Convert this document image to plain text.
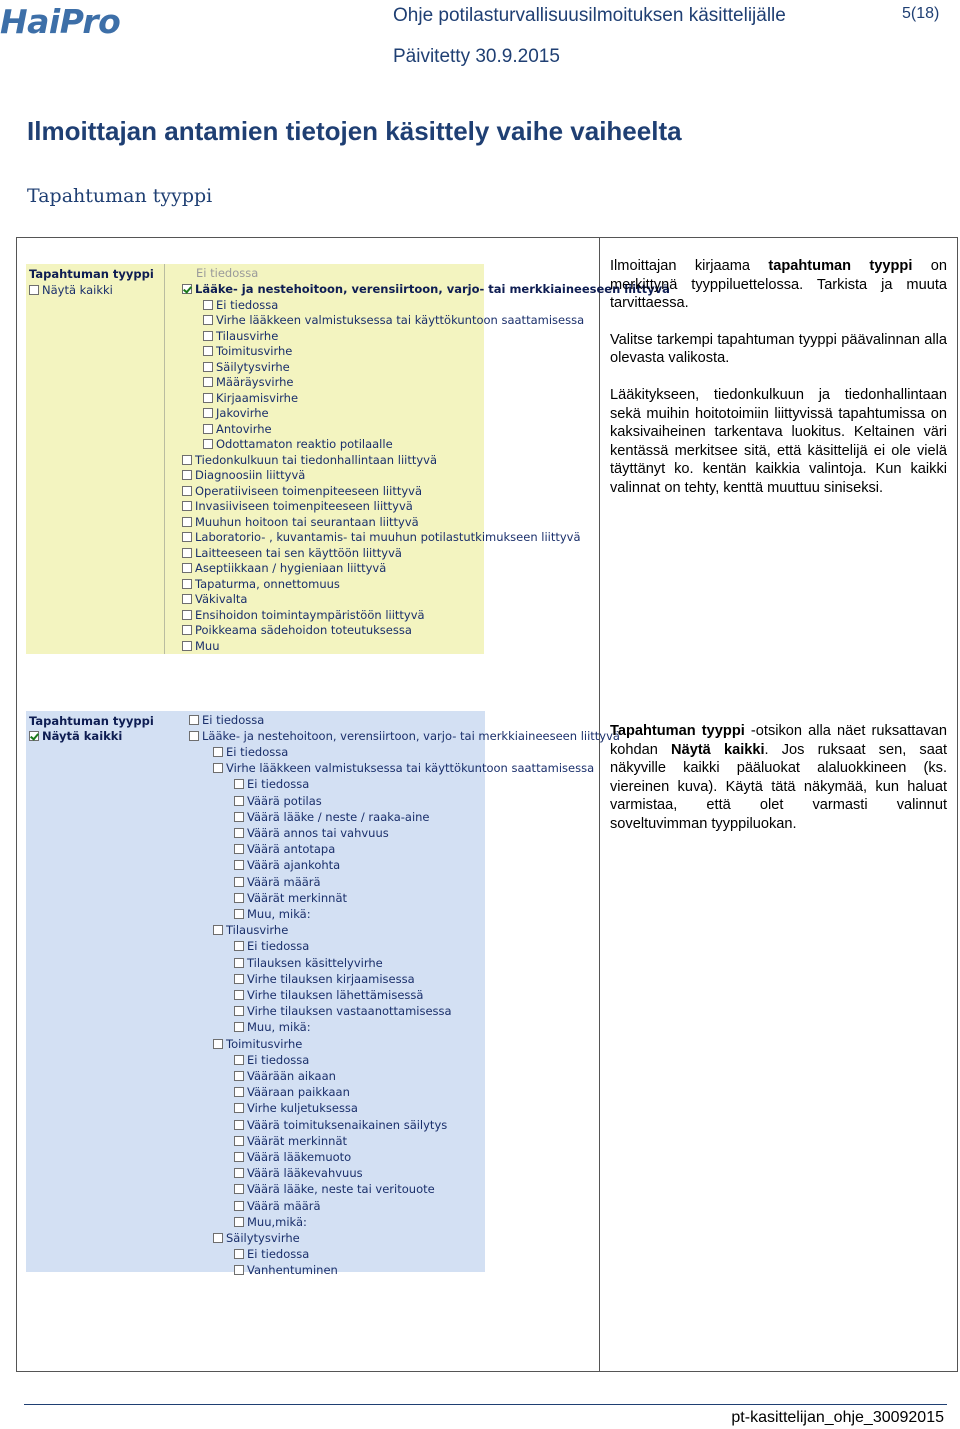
HaiPro	Ohje potilasturvallisuusilmoituksen käsittelijälle
Päivitetty 30.9.2015
5(18)
Ilmoittajan antamien tietojen käsittely vaihe vaiheelta
Tapahtuman tyyppi
Tapahtuman tyyppi
Näytä kaikki
Ei tiedossa
Lääke- ja nestehoitoon, verensiirtoon, varjo- tai merkkiaineeseen liittyvä
Ei tiedossa
Virhe lääkkeen valmistuksessa tai käyttökuntoon saattamisessa
Tilausvirhe
Toimitusvirhe
Säilytysvirhe
Määräysvirhe
Kirjaamisvirhe
Jakovirhe
Antovirhe
Odottamaton reaktio potilaalle
Tiedonkulkuun tai tiedonhallintaan liittyvä
Diagnoosiin liittyvä
Operatiiviseen toimenpiteeseen liittyvä
Invasiiviseen toimenpiteeseen liittyvä
Muuhun hoitoon tai seurantaan liittyvä
Laboratorio- , kuvantamis- tai muuhun potilastutkimukseen liittyvä
Laitteeseen tai sen käyttöön liittyvä
Aseptiikkaan / hygieniaan liittyvä
Tapaturma, onnettomuus
Väkivalta
Ensihoidon toimintaympäristöön liittyvä
Poikkeama sädehoidon toteutuksessa
Muu
Tapahtuman tyyppi
Näytä kaikki
Ei tiedossa
Lääke- ja nestehoitoon, verensiirtoon, varjo- tai merkkiaineeseen liittyvä
Ei tiedossa
Virhe lääkkeen valmistuksessa tai käyttökuntoon saattamisessa
Ei tiedossa
Väärä potilas
Väärä lääke / neste / raaka-aine
Väärä annos tai vahvuus
Väärä antotapa
Väärä ajankohta
Väärä määrä
Väärät merkinnät
Muu, mikä:
Tilausvirhe
Ei tiedossa
Tilauksen käsittelyvirhe
Virhe tilauksen kirjaamisessa
Virhe tilauksen lähettämisessä
Virhe tilauksen vastaanottamisessa
Muu, mikä:
Toimitusvirhe
Ei tiedossa
Väärään aikaan
Vääraan paikkaan
Virhe kuljetuksessa
Väärä toimituksenaikainen säilytys
Väärät merkinnät
Väärä lääkemuoto
Väärä lääkevahvuus
Väärä lääke, neste tai veritouote
Väärä määrä
Muu,mikä:
Säilytysvirhe
Ei tiedossa
Vanhentuminen

Ilmoittajan kirjaama tapahtuman tyyppi on merkittynä tyyppiluettelossa. Tarkista ja muuta tarvittaessa.

Valitse tarkempi tapahtuman tyyppi päävalinnan alla olevasta valikosta.

Lääkitykseen, tiedonkulkuun ja tiedonhallintaan sekä muihin hoitotoimiin liittyvissä tapahtumissa on kaksivaiheinen tarkentava luokitus. Keltainen väri kentässä merkitsee sitä, että käsittelijä ei ole vielä täyttänyt ko. kentän kaikkia valintoja. Kun kaikki valinnat on tehty, kenttä muuttuu siniseksi.

Tapahtuman tyyppi -otsikon alla näet ruksattavan kohdan Näytä kaikki. Jos ruksaat sen, saat näkyville kaikki pääluokat alaluokkineen (ks. viereinen kuva). Käytä tätä näkymää, kun haluat varmistaa, että olet varmasti valinnut soveltuvimman tyyppiluokan.

pt-kasittelijan_ohje_30092015
